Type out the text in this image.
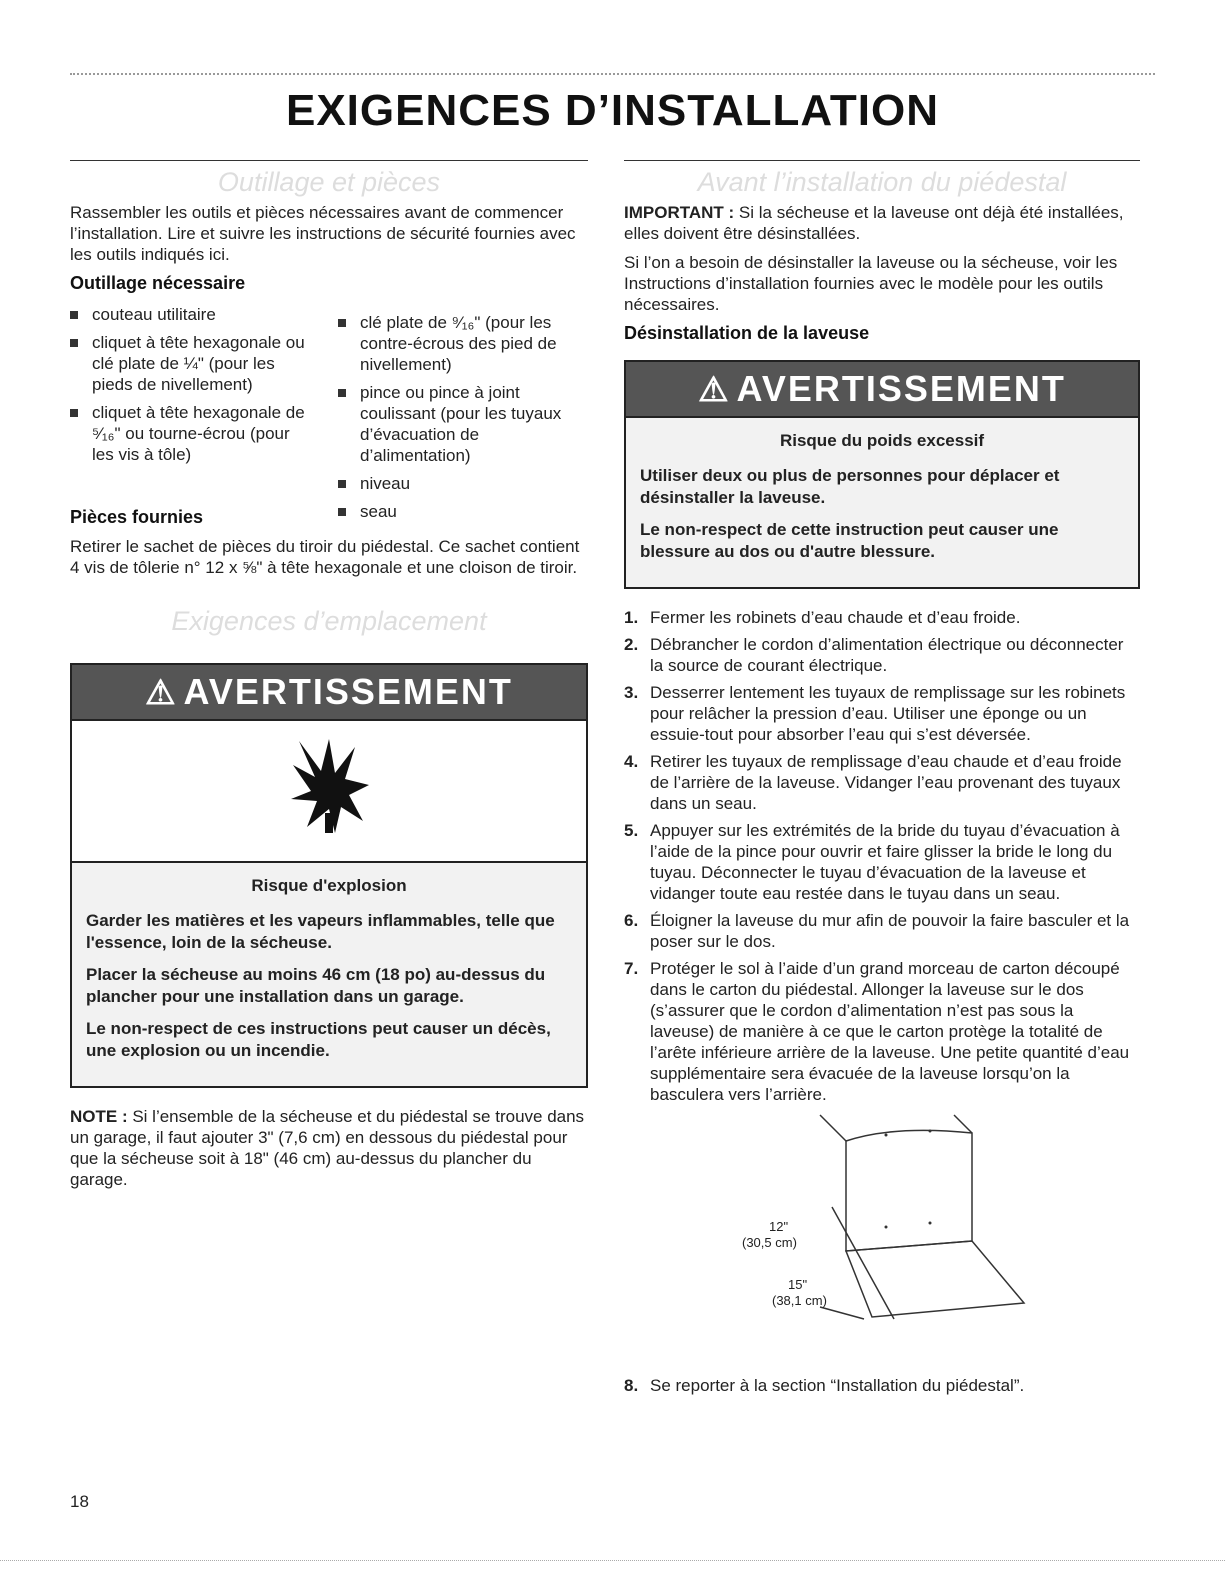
EXIGENCES D’INSTALLATION
Outillage et pièces

Rassembler les outils et pièces nécessaires avant de commencer l’installation. Lire et suivre les instructions de sécurité fournies avec les outils indiqués ici.

Outillage nécessaire
couteau utilitaire
cliquet à tête hexagonale ou clé plate de ¼" (pour les pieds de nivellement)
cliquet à tête hexagonale de ⁵⁄₁₆" ou tourne-écrou (pour les vis à tôle)
clé plate de ⁹⁄₁₆" (pour les contre-écrous des pied de nivellement)
pince ou pince à joint coulissant (pour les tuyaux d’évacuation de d’alimentation)
niveau
seau
Pièces fournies

Retirer le sachet de pièces du tiroir du piédestal. Ce sachet contient 4 vis de tôlerie n° 12 x ⅝" à tête hexagonale et une cloison de tiroir.

Exigences d’emplacement
⚠ AVERTISSEMENT

Risque d'explosion

Garder les matières et les vapeurs inflammables, telle que l'essence, loin de la sécheuse.

Placer la sécheuse au moins 46 cm (18 po) au-dessus du plancher pour une installation dans un garage.

Le non-respect de ces instructions peut causer un décès, une explosion ou un incendie.

NOTE : Si l’ensemble de la sécheuse et du piédestal se trouve dans un garage, il faut ajouter 3" (7,6 cm) en dessous du piédestal pour que la sécheuse soit à 18" (46 cm) au-dessus du plancher du garage.

Avant l’installation du piédestal

IMPORTANT : Si la sécheuse et la laveuse ont déjà été installées, elles doivent être désinstallées.

Si l’on a besoin de désinstaller la laveuse ou la sécheuse, voir les Instructions d’installation fournies avec le modèle pour les outils nécessaires.

Désinstallation de la laveuse
⚠ AVERTISSEMENT

Risque du poids excessif

Utiliser deux ou plus de personnes pour déplacer et désinstaller la laveuse.

Le non-respect de cette instruction peut causer une blessure au dos ou d'autre blessure.

1. Fermer les robinets d’eau chaude et d’eau froide.
2. Débrancher le cordon d’alimentation électrique ou déconnecter la source de courant électrique.
3. Desserrer lentement les tuyaux de remplissage sur les robinets pour relâcher la pression d’eau. Utiliser une éponge ou un essuie-tout pour absorber l’eau qui s’est déversée.
4. Retirer les tuyaux de remplissage d’eau chaude et d’eau froide de l’arrière de la laveuse. Vidanger l’eau provenant des tuyaux dans un seau.
5. Appuyer sur les extrémités de la bride du tuyau d’évacuation à l’aide de la pince pour ouvrir et faire glisser la bride le long du tuyau. Déconnecter le tuyau d’évacuation de la laveuse et vidanger toute eau restée dans le tuyau dans un seau.
6. Éloigner la laveuse du mur afin de pouvoir la faire basculer et la poser sur le dos.
7. Protéger le sol à l’aide d’un grand morceau de carton découpé dans le carton du piédestal. Allonger la laveuse sur le dos (s’assurer que le cordon d’alimentation n’est pas sous la laveuse) de manière à ce que le carton protège la totalité de l’arête inférieure arrière de la laveuse. Une petite quantité d’eau supplémentaire sera évacuée de la laveuse lorsqu’on la basculera vers l’arrière.
12"
(30,5 cm)
15"
(38,1 cm)
8. Se reporter à la section “Installation du piédestal”.
18
